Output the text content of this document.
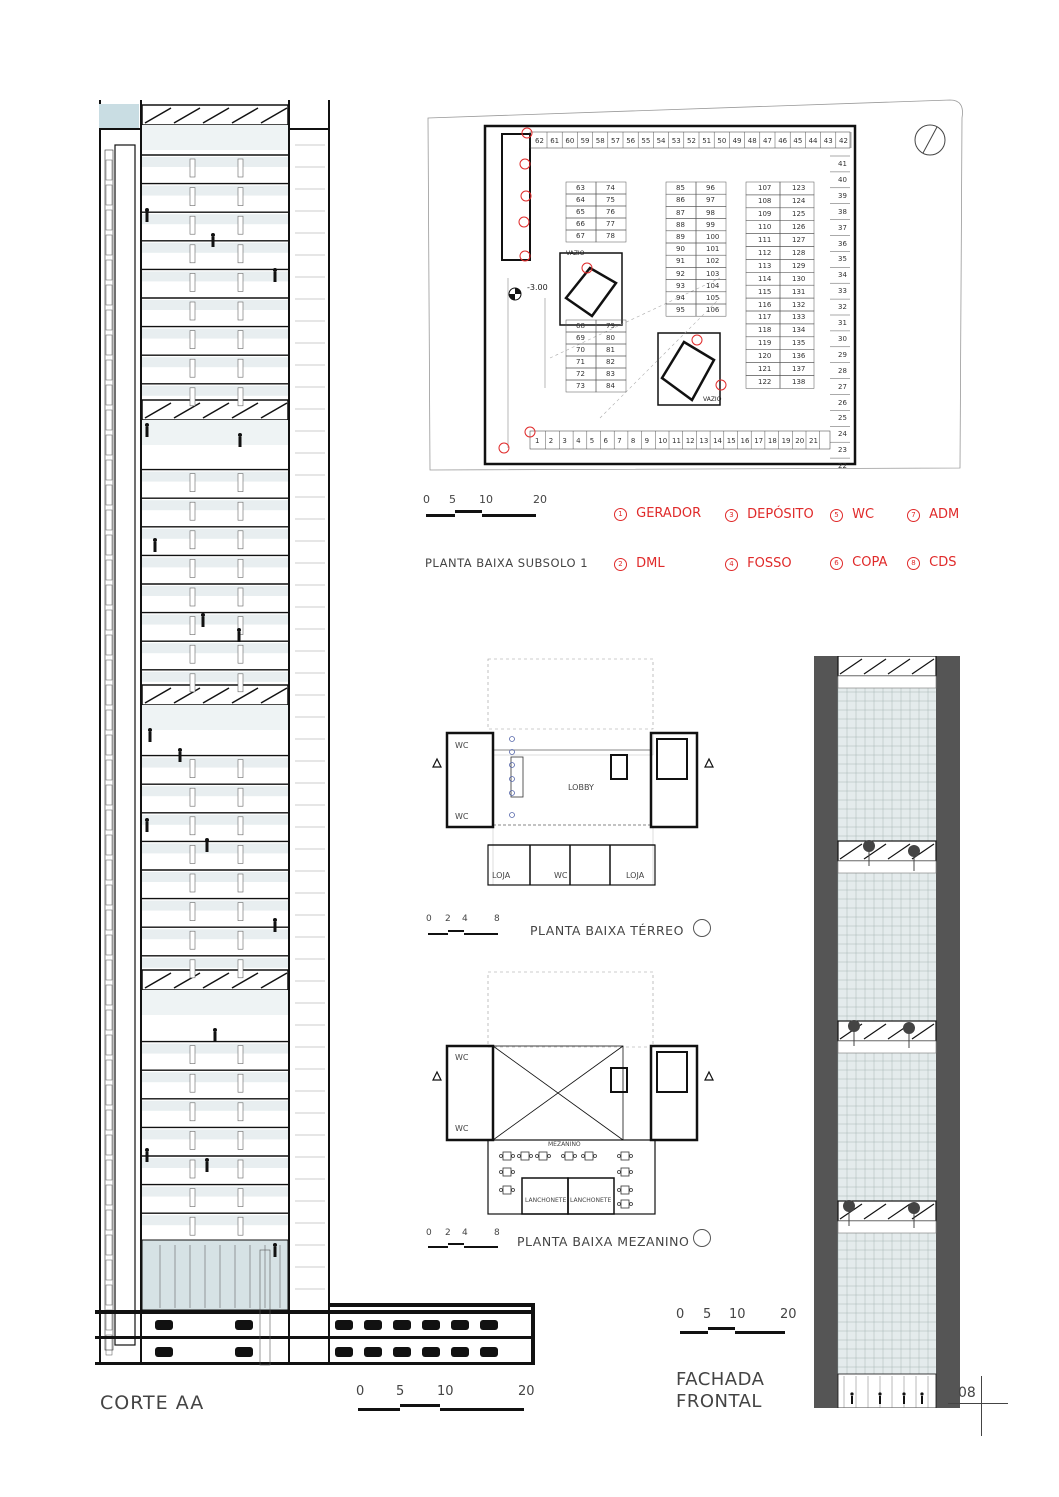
CORTE AA
0 5	10	20
-3.00
VAZIO
VAZIO
62 61 60 59 58 57 56 55 54 53 52 51 50 49 48 47 46 45 44 43 42
1 2 3 4 5 6 7 8 9 10 11 12 13 14 15 16 17 18 19 20 21
41
40
39
38
37
36
35
34
33
32
31
30
29
28
27
26
25
24
23
22
63	74
64	75
65	76
66	77
67	78
68	79
69	80
70	81
71	82
72	83
73	84
85	96
86	97
87	98
88	99
89	100
90	101
91	102
92	103
93	104
94	105
95	106
107	123
108	124
109	125
110	126
111	127
112	128
113	129
114	130
115	131
116	132
117	133
118	134
119	135
120	136
121	137
122	138
0 5 10	20
PLANTA BAIXA SUBSOLO 1
1 GERADOR	3 DEPÓSITO	5 WC	7 ADM
2 DML	4 FOSSO	6 COPA	8 CDS
LOBBY
WC
WC
WC
LOJA	LOJA
0 2 4	8
PLANTA BAIXA TÉRREO
WC
WC
MEZANINO
LANCHONETE LANCHONETE
0 2 4	8
PLANTA BAIXA MEZANINO
FACHADA
FRONTAL
0 5 10	20
08
